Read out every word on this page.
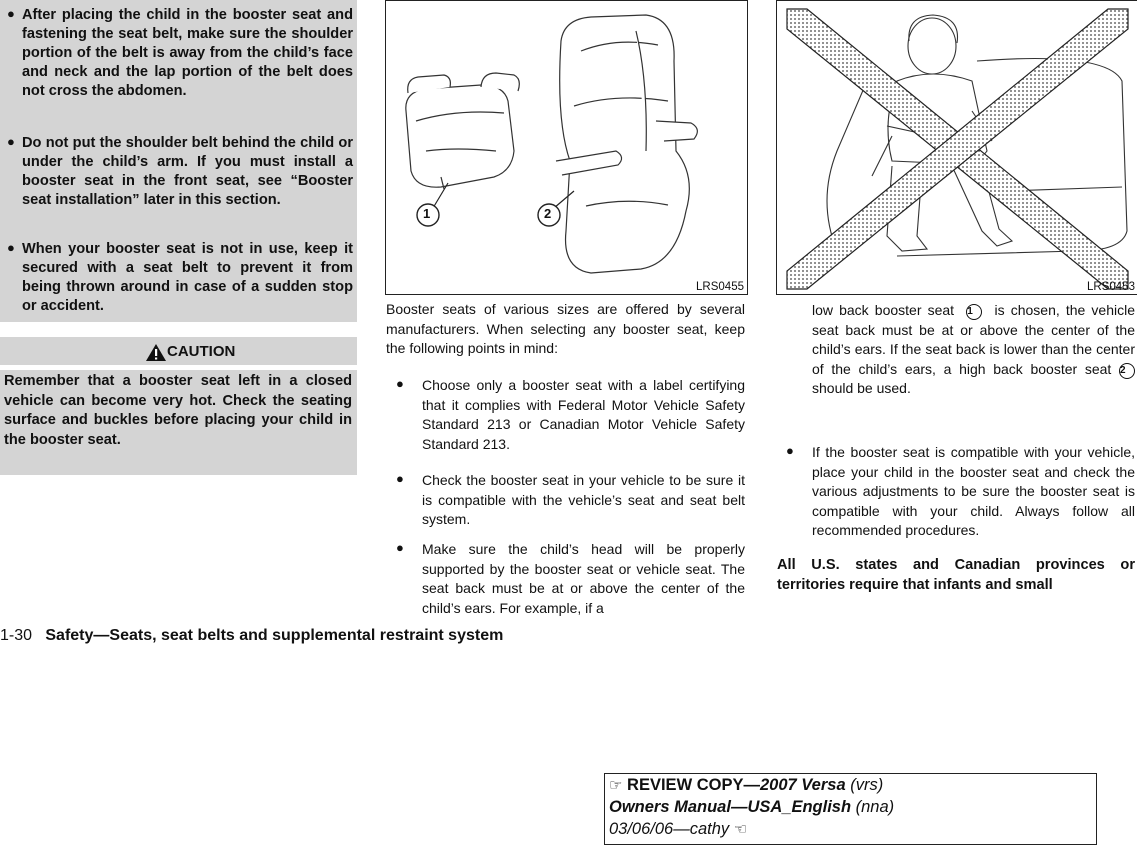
● After placing the child in the booster seat and fastening the seat belt, make sure the shoulder portion of the belt is away from the child’s face and neck and the lap portion of the belt does not cross the abdomen.

● Do not put the shoulder belt behind the child or under the child’s arm. If you must install a booster seat in the front seat, see “Booster seat installation” later in this section.

● When your booster seat is not in use, keep it secured with a seat belt to prevent it from being thrown around in case of a sudden stop or accident.

CAUTION

Remember that a booster seat left in a closed vehicle can become very hot. Check the seating surface and buckles before placing your child in the booster seat.

1	2
LRS0455	LRS0453

Booster seats of various sizes are offered by several manufacturers. When selecting any booster seat, keep the following points in mind:

● Choose only a booster seat with a label certifying that it complies with Federal Motor Vehicle Safety Standard 213 or Canadian Motor Vehicle Safety Standard 213.

● Check the booster seat in your vehicle to be sure it is compatible with the vehicle’s seat and seat belt system.

● Make sure the child’s head will be properly supported by the booster seat or vehicle seat. The seat back must be at or above the center of the child’s ears. For example, if a

low back booster seat 1 is chosen, the vehicle seat back must be at or above the center of the child’s ears. If the seat back is lower than the center of the child’s ears, a high back booster seat 2 should be used.

● If the booster seat is compatible with your vehicle, place your child in the booster seat and check the various adjustments to be sure the booster seat is compatible with your child. Always follow all recommended procedures.

All U.S. states and Canadian provinces or territories require that infants and small

1-30 Safety—Seats, seat belts and supplemental restraint system
☞ REVIEW COPY—2007 Versa (vrs)
Owners Manual—USA_English (nna)
03/06/06—cathy ☜
